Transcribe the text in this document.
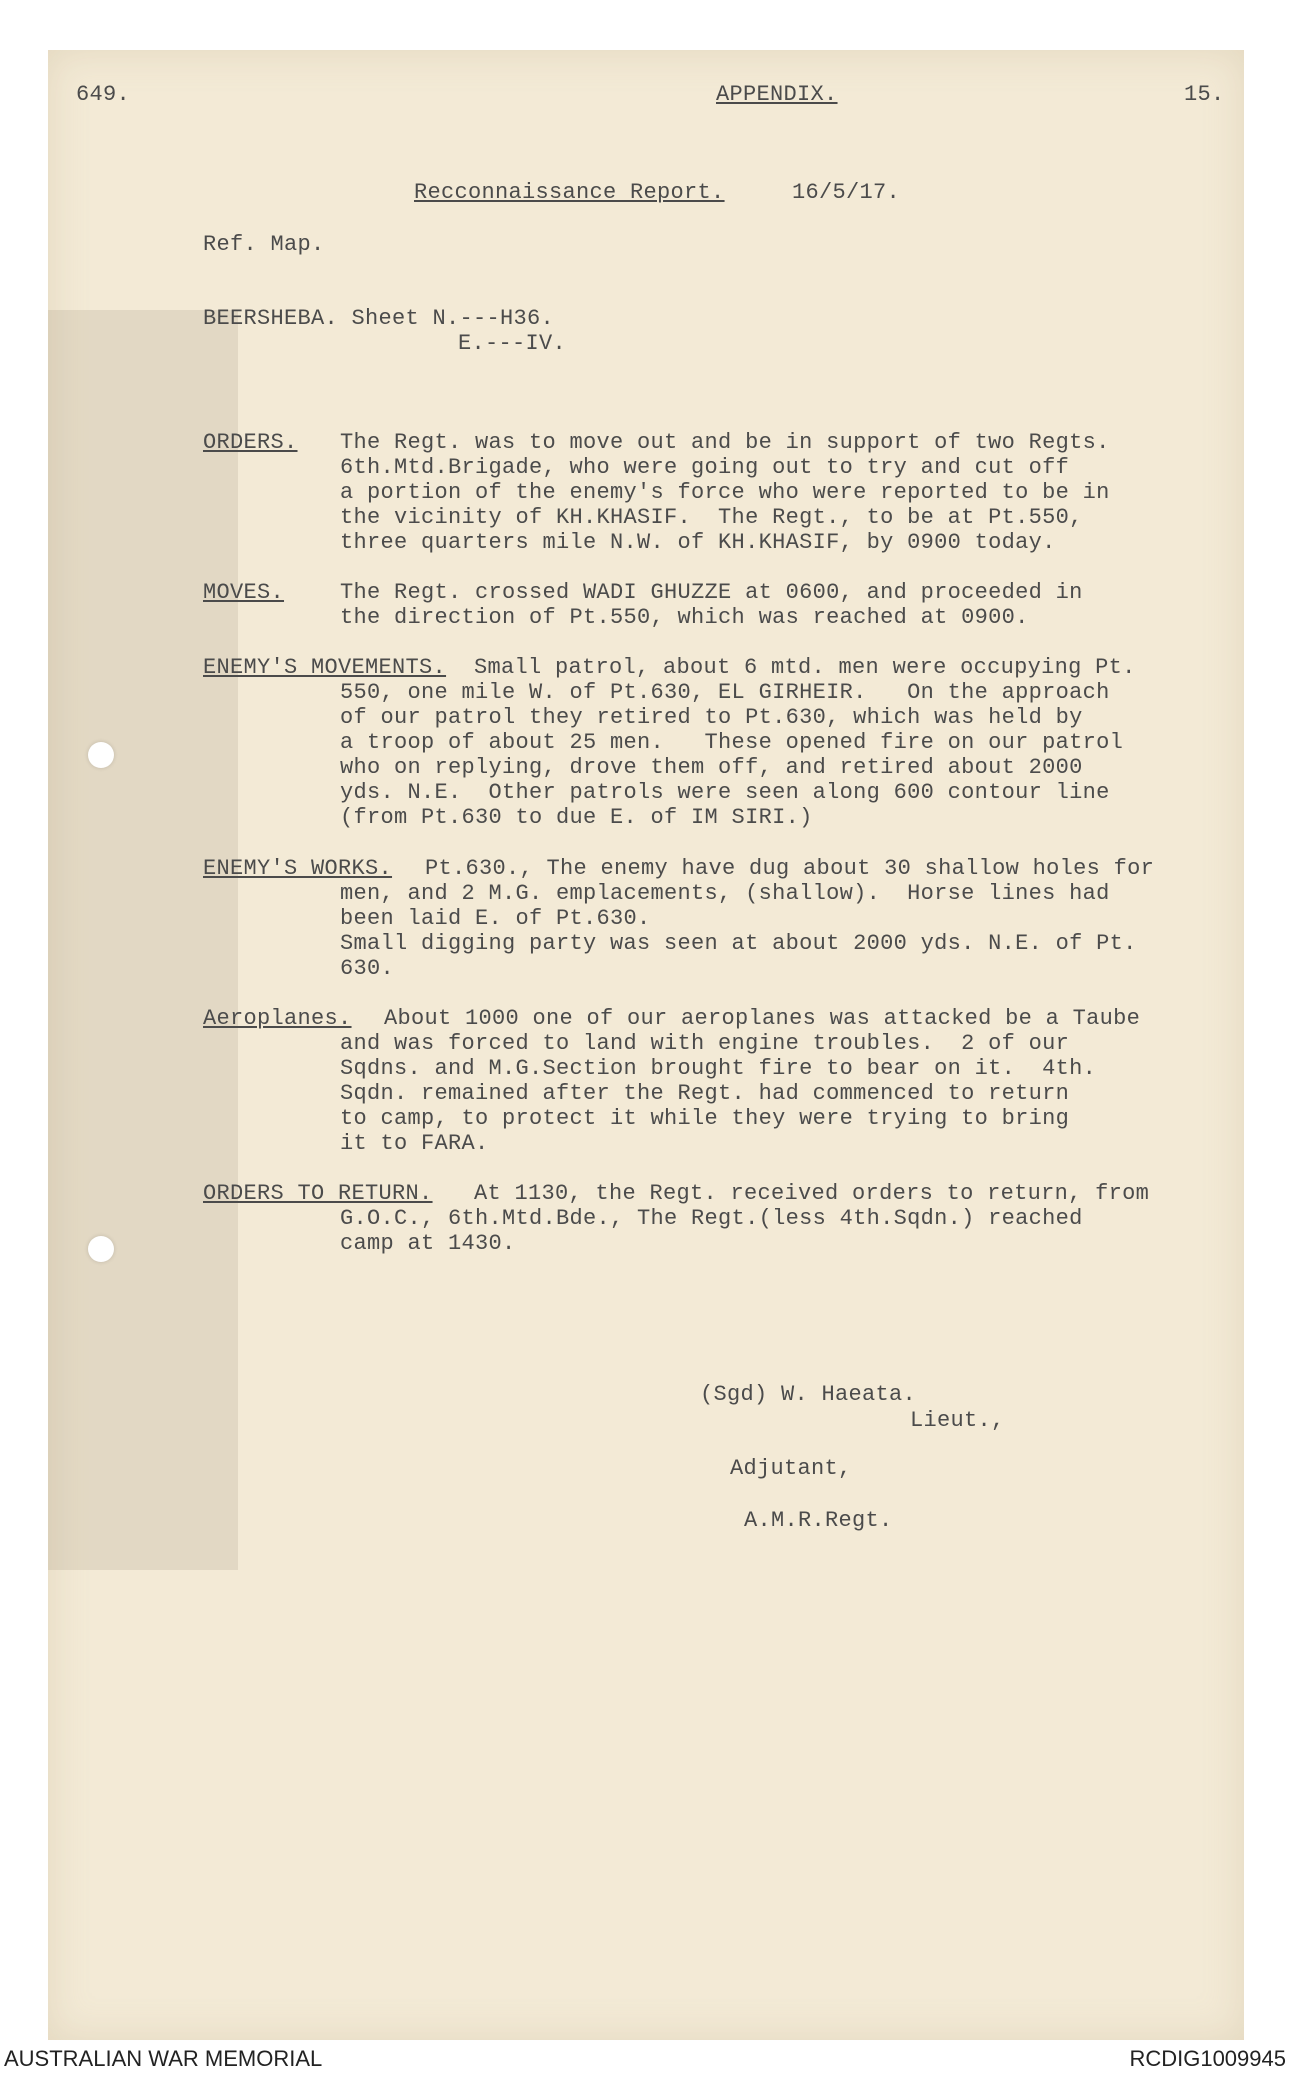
649.	APPENDIX.	15.
Recconnaissance Report.	16/5/17.
Ref. Map.
BEERSHEBA. Sheet N.---H36.
E.---IV.
ORDERS. The Regt. was to move out and be in support of two Regts.
6th.Mtd.Brigade, who were going out to try and cut off
a portion of the enemy's force who were reported to be in
the vicinity of KH.KHASIF.  The Regt., to be at Pt.550,
three quarters mile N.W. of KH.KHASIF, by 0900 today.
MOVES.	The Regt. crossed WADI GHUZZE at 0600, and proceeded in
the direction of Pt.550, which was reached at 0900.
ENEMY'S MOVEMENTS. Small patrol, about 6 mtd. men were occupying Pt.
550, one mile W. of Pt.630, EL GIRHEIR.   On the approach
of our patrol they retired to Pt.630, which was held by
a troop of about 25 men.   These opened fire on our patrol
who on replying, drove them off, and retired about 2000
yds. N.E.  Other patrols were seen along 600 contour line
(from Pt.630 to due E. of IM SIRI.)
ENEMY'S WORKS. Pt.630., The enemy have dug about 30 shallow holes for
men, and 2 M.G. emplacements, (shallow).  Horse lines had
been laid E. of Pt.630.
Small digging party was seen at about 2000 yds. N.E. of Pt.
630.
Aeroplanes. About 1000 one of our aeroplanes was attacked be a Taube
and was forced to land with engine troubles.  2 of our
Sqdns. and M.G.Section brought fire to bear on it.  4th.
Sqdn. remained after the Regt. had commenced to return
to camp, to protect it while they were trying to bring
it to FARA.
ORDERS TO RETURN. At 1130, the Regt. received orders to return, from
G.O.C., 6th.Mtd.Bde., The Regt.(less 4th.Sqdn.) reached
camp at 1430.
(Sgd) W. Haeata.
Lieut.,
Adjutant,
A.M.R.Regt.
AUSTRALIAN WAR MEMORIAL	RCDIG1009945
